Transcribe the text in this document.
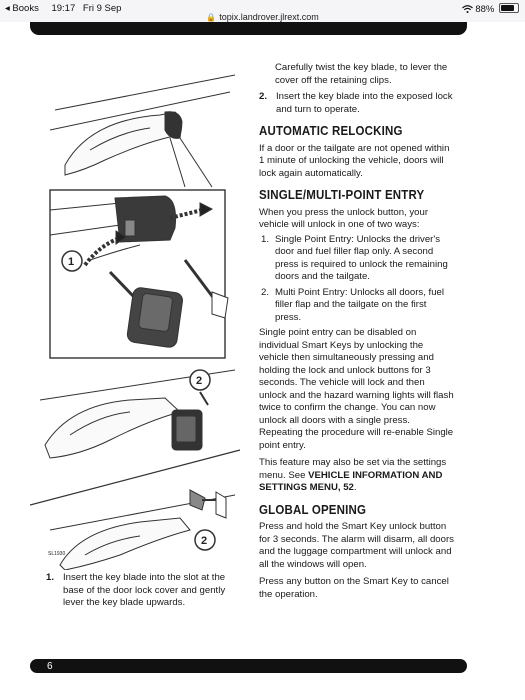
◂ Books 19:17 Fri 9 Sep
🔒 topix.landrover.jlrext.com
88%
1
2
2
SL1930
1. Insert the key blade into the slot at the base of the door lock cover and gently lever the key blade upwards.

Carefully twist the key blade, to lever the cover off the retaining clips.

2. Insert the key blade into the exposed lock and turn to operate.
AUTOMATIC RELOCKING

If a door or the tailgate are not opened within 1 minute of unlocking the vehicle, doors will lock again automatically.

SINGLE/MULTI-POINT ENTRY

When you press the unlock button, your vehicle will unlock in one of two ways:

1. Single Point Entry: Unlocks the driver's door and fuel filler flap only. A second press is required to unlock the remaining doors and the tailgate.
2. Multi Point Entry: Unlocks all doors, fuel filler flap and the tailgate on the first press.

Single point entry can be disabled on individual Smart Keys by unlocking the vehicle then simultaneously pressing and holding the lock and unlock buttons for 3 seconds. The vehicle will lock and then unlock and the hazard warning lights will flash twice to confirm the change. You can now unlock all doors with a single press. Repeating the procedure will re-enable Single point entry.

This feature may also be set via the settings menu. See VEHICLE INFORMATION AND SETTINGS MENU, 52.

GLOBAL OPENING

Press and hold the Smart Key unlock button for 3 seconds. The alarm will disarm, all doors and the luggage compartment will unlock and all the windows will open.

Press any button on the Smart Key to cancel the operation.

6
